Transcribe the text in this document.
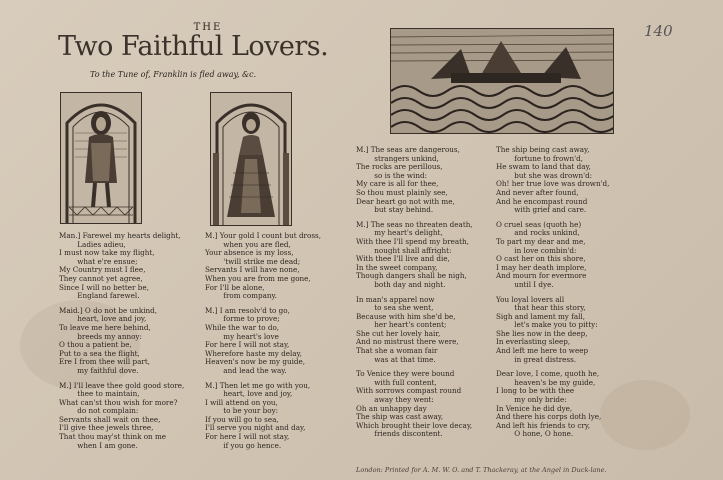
140
THE
Two Faithful Lovers.
To the Tune of, Franklin is fled away, &c.
Man.] Farewel my hearts delight,
Ladies adieu,
I must now take my flight,
what e're ensue;
My Country must I flee,
They cannot yet agree,
Since I will no better be,
England farewel.
Maid.] O do not be unkind,
heart, love and joy,
To leave me here behind,
breeds my annoy:
O thou a patient be,
Put to a sea the flight,
Ere I from thee will part,
my faithful dove.
M.] I'll leave thee gold good store,
thee to maintain,
What can'st thou wish for more?
do not complain:
Servants shall wait on thee,
I'll give thee jewels three,
That thou may'st think on me
when I am gone.
M.] Your gold I count but dross,
when you are fled,
Your absence is my loss,
'twill strike me dead;
Servants I will have none,
When you are from me gone,
For I'll be alone,
from company.
M.] I am resolv'd to go,
forme to prove;
While the war to do,
my heart's love
For here I will not stay,
Wherefore haste my delay,
Heaven's now be my guide,
and lead the way.
M.] Then let me go with you,
heart, love and joy,
I will attend on you,
to be your boy:
If you will go to sea,
I'll serve you night and day,
For here I will not stay,
if you go hence.
M.] The seas are dangerous,
strangers unkind,
The rocks are perillous,
so is the wind:
My care is all for thee,
So thou must plainly see,
Dear heart go not with me,
but stay behind.
M.] The seas no threaten death,
my heart's delight,
With thee I'll spend my breath,
nought shall affright:
With thee I'll live and die,
In the sweet company,
Though dangers shall be nigh,
both day and night.
In man's apparel now
to sea she went,
Because with him she'd be,
her heart's content;
She cut her lovely hair,
And no mistrust there were,
That she a woman fair
was at that time.
To Venice they were bound
with full content,
With sorrows compast round
away they went:
Oh an unhappy day
The ship was cast away,
Which brought their love decay,
friends discontent.
The ship being cast away,
fortune to frown'd,
He swam to land that day,
but she was drown'd:
Oh! her true love was drown'd,
And never after found,
And he encompast round
with grief and care.
O cruel seas (quoth he)
and rocks unkind,
To part my dear and me,
in love combin'd:
O cast her on this shore,
I may her death implore,
And mourn for evermore
until I dye.
You loyal lovers all
that hear this story,
Sigh and lament my fall,
let's make you to pitty:
She lies now in the deep,
In everlasting sleep,
And left me here to weep
in great distress.
Dear love, I come, quoth he,
heaven's be my guide,
I long to be with thee
my only bride:
In Venice he did dye,
And there his corps doth lye,
And left his friends to cry,
O hone, O hone.
London: Printed for A. M. W. O. and T. Thackeray, at the Angel in Duck-lane.
